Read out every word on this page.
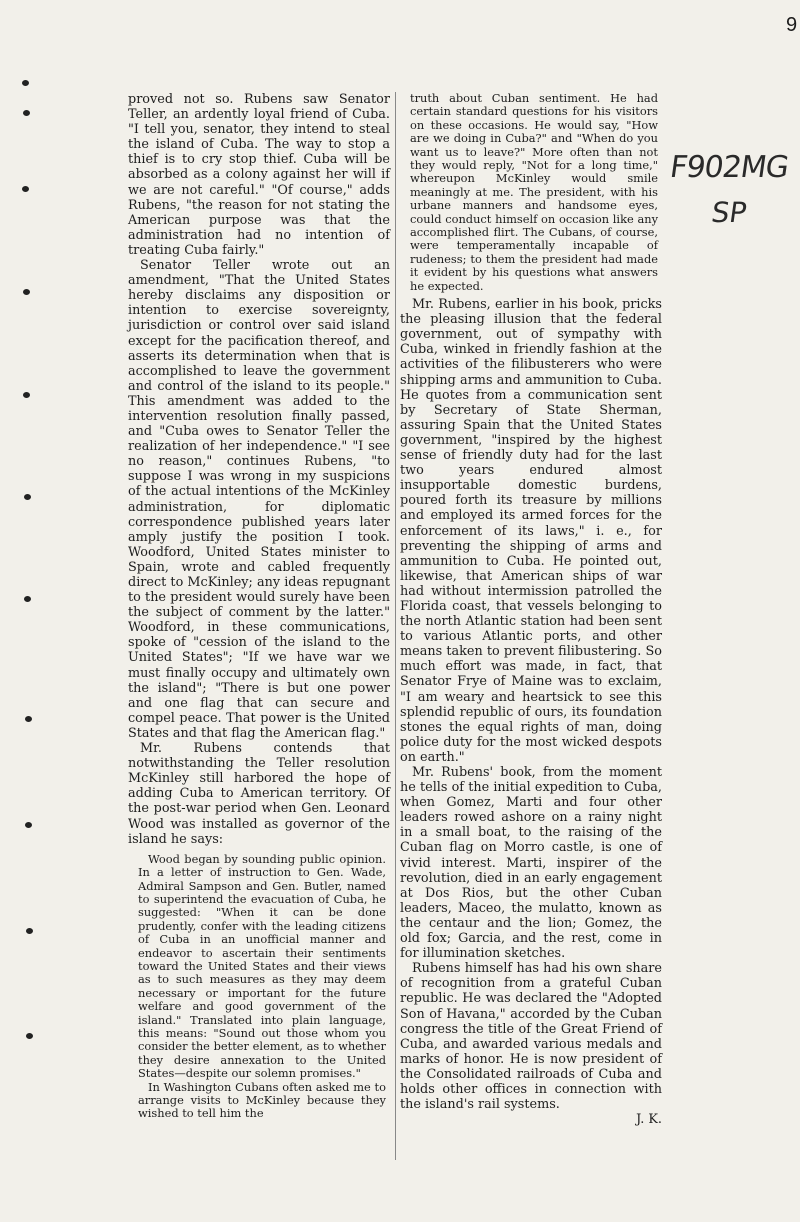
9
F902MG
SP

proved not so. Rubens saw Senator Teller, an ardently loyal friend of Cuba. "I tell you, senator, they intend to steal the island of Cuba. The way to stop a thief is to cry stop thief. Cuba will be absorbed as a colony against her will if we are not careful." "Of course," adds Rubens, "the reason for not stating the American purpose was that the administration had no intention of treating Cuba fairly."

Senator Teller wrote out an amendment, "That the United States hereby disclaims any disposition or intention to exercise sovereignty, jurisdiction or control over said island except for the pacification thereof, and asserts its determination when that is accomplished to leave the government and control of the island to its people." This amendment was added to the intervention resolution finally passed, and "Cuba owes to Senator Teller the realization of her independence." "I see no reason," continues Rubens, "to suppose I was wrong in my suspicions of the actual intentions of the McKinley administration, for diplomatic correspondence published years later amply justify the position I took. Woodford, United States minister to Spain, wrote and cabled frequently direct to McKinley; any ideas repugnant to the president would surely have been the subject of comment by the latter." Woodford, in these communications, spoke of "cession of the island to the United States"; "If we have war we must finally occupy and ultimately own the island"; "There is but one power and one flag that can secure and compel peace. That power is the United States and that flag the American flag."

Mr. Rubens contends that notwithstanding the Teller resolution McKinley still harbored the hope of adding Cuba to American territory. Of the post-war period when Gen. Leonard Wood was installed as governor of the island he says:

Wood began by sounding public opinion. In a letter of instruction to Gen. Wade, Admiral Sampson and Gen. Butler, named to superintend the evacuation of Cuba, he suggested: "When it can be done prudently, confer with the leading citizens of Cuba in an unofficial manner and endeavor to ascertain their sentiments toward the United States and their views as to such measures as they may deem necessary or important for the future welfare and good government of the island." Translated into plain language, this means: "Sound out those whom you consider the better element, as to whether they desire annexation to the United States—despite our solemn promises."

In Washington Cubans often asked me to arrange visits to McKinley because they wished to tell him the

truth about Cuban sentiment. He had certain standard questions for his visitors on these occasions. He would say, "How are we doing in Cuba?" and "When do you want us to leave?" More often than not they would reply, "Not for a long time," whereupon McKinley would smile meaningly at me. The president, with his urbane manners and handsome eyes, could conduct himself on occasion like any accomplished flirt. The Cubans, of course, were temperamentally incapable of rudeness; to them the president had made it evident by his questions what answers he expected.

Mr. Rubens, earlier in his book, pricks the pleasing illusion that the federal government, out of sympathy with Cuba, winked in friendly fashion at the activities of the filibusterers who were shipping arms and ammunition to Cuba. He quotes from a communication sent by Secretary of State Sherman, assuring Spain that the United States government, "inspired by the highest sense of friendly duty had for the last two years endured almost insupportable domestic burdens, poured forth its treasure by millions and employed its armed forces for the enforcement of its laws," i. e., for preventing the shipping of arms and ammunition to Cuba. He pointed out, likewise, that American ships of war had without intermission patrolled the Florida coast, that vessels belonging to the north Atlantic station had been sent to various Atlantic ports, and other means taken to prevent filibustering. So much effort was made, in fact, that Senator Frye of Maine was to exclaim, "I am weary and heartsick to see this splendid republic of ours, its foundation stones the equal rights of man, doing police duty for the most wicked despots on earth."

Mr. Rubens' book, from the moment he tells of the initial expedition to Cuba, when Gomez, Marti and four other leaders rowed ashore on a rainy night in a small boat, to the raising of the Cuban flag on Morro castle, is one of vivid interest. Marti, inspirer of the revolution, died in an early engagement at Dos Rios, but the other Cuban leaders, Maceo, the mulatto, known as the centaur and the lion; Gomez, the old fox; Garcia, and the rest, come in for illumination sketches.

Rubens himself has had his own share of recognition from a grateful Cuban republic. He was declared the "Adopted Son of Havana," accorded by the Cuban congress the title of the Great Friend of Cuba, and awarded various medals and marks of honor. He is now president of the Consolidated railroads of Cuba and holds other offices in connection with the island's rail systems.

J. K.
